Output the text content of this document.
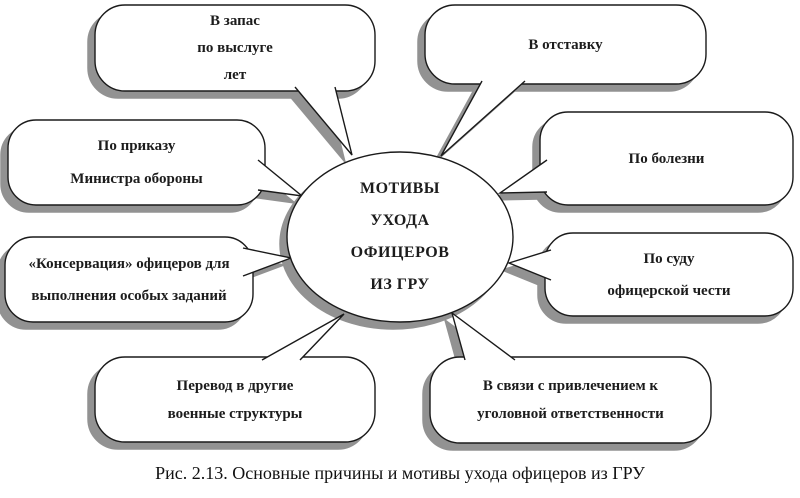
В запас
по выслуге
лет
В отставку
По приказу
Министра обороны
По болезни
«Консервация» офицеров для
выполнения особых заданий
По суду
офицерской чести
Перевод в другие
военные структуры
В связи с привлечением к
уголовной ответственности
МОТИВЫ
УХОДА
ОФИЦЕРОВ
ИЗ ГРУ
Рис. 2.13. Основные причины и мотивы ухода офицеров из ГРУ
